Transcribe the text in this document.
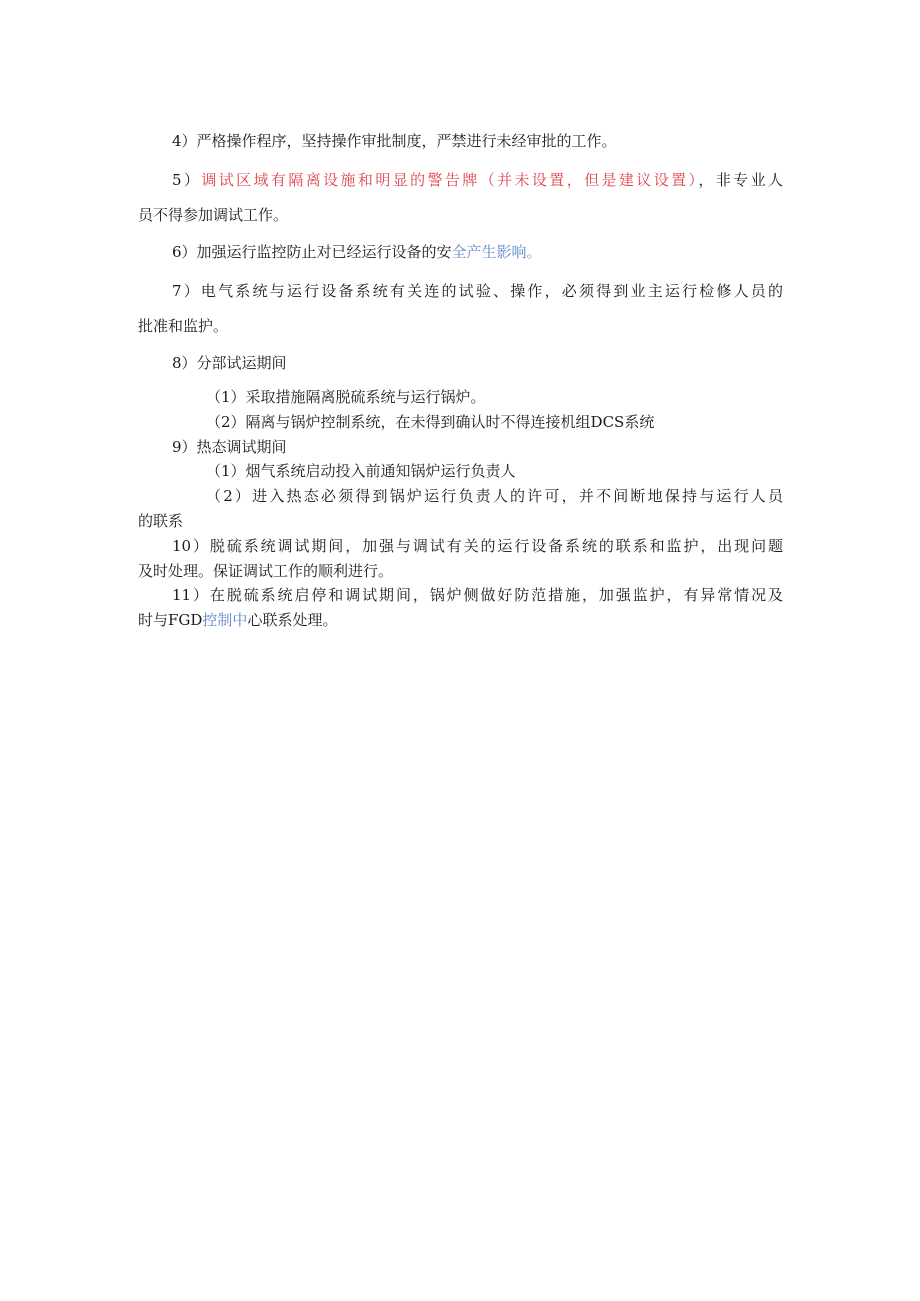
4）严格操作程序，坚持操作审批制度，严禁进行未经审批的工作。
5）调试区域有隔离设施和明显的警告牌（并未设置，但是建议设置），非专业人
员不得参加调试工作。
6）加强运行监控防止对已经运行设备的安全产生影响。
7）电气系统与运行设备系统有关连的试验、操作，必须得到业主运行检修人员的
批准和监护。
8）分部试运期间
（1）采取措施隔离脱硫系统与运行锅炉。
（2）隔离与锅炉控制系统，在未得到确认时不得连接机组DCS系统
9）热态调试期间
（1）烟气系统启动投入前通知锅炉运行负责人
（2）进入热态必须得到锅炉运行负责人的许可，并不间断地保持与运行人员
的联系
10）脱硫系统调试期间，加强与调试有关的运行设备系统的联系和监护，出现问题
及时处理。保证调试工作的顺利进行。
11）在脱硫系统启停和调试期间，锅炉侧做好防范措施，加强监护，有异常情况及
时与FGD控制中心联系处理。
